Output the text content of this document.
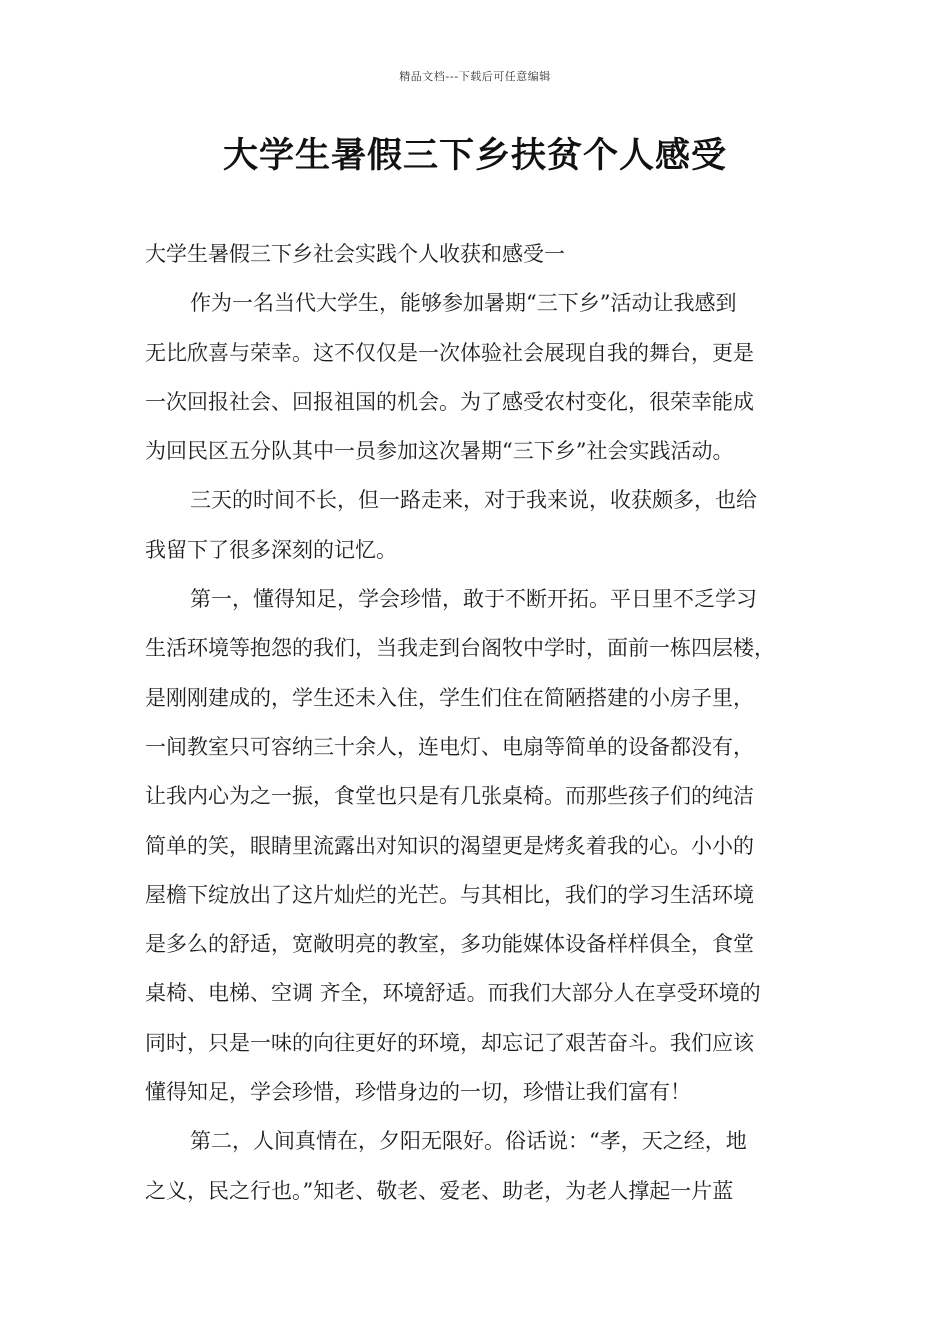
精品文档---下载后可任意编辑
大学生暑假三下乡扶贫个人感受
大学生暑假三下乡社会实践个人收获和感受一
作为一名当代大学生，能够参加暑期“三下乡”活动让我感到
无比欣喜与荣幸。这不仅仅是一次体验社会展现自我的舞台，更是
一次回报社会、回报祖国的机会。为了感受农村变化，很荣幸能成
为回民区五分队其中一员参加这次暑期“三下乡”社会实践活动。
三天的时间不长，但一路走来，对于我来说，收获颇多，也给
我留下了很多深刻的记忆。
第一，懂得知足，学会珍惜，敢于不断开拓。平日里不乏学习
生活环境等抱怨的我们，当我走到台阁牧中学时，面前一栋四层楼，
是刚刚建成的，学生还未入住，学生们住在简陋搭建的小房子里，
一间教室只可容纳三十余人，连电灯、电扇等简单的设备都没有，
让我内心为之一振，食堂也只是有几张桌椅。而那些孩子们的纯洁
简单的笑，眼睛里流露出对知识的渴望更是烤炙着我的心。小小的
屋檐下绽放出了这片灿烂的光芒。与其相比，我们的学习生活环境
是多么的舒适，宽敞明亮的教室，多功能媒体设备样样俱全，食堂
桌椅、电梯、空调 齐全，环境舒适。而我们大部分人在享受环境的
同时，只是一味的向往更好的环境，却忘记了艰苦奋斗。我们应该
懂得知足，学会珍惜，珍惜身边的一切，珍惜让我们富有！
第二，人间真情在，夕阳无限好。俗话说：“孝，天之经，地
之义，民之行也。”知老、敬老、爱老、助老，为老人撑起一片蓝
